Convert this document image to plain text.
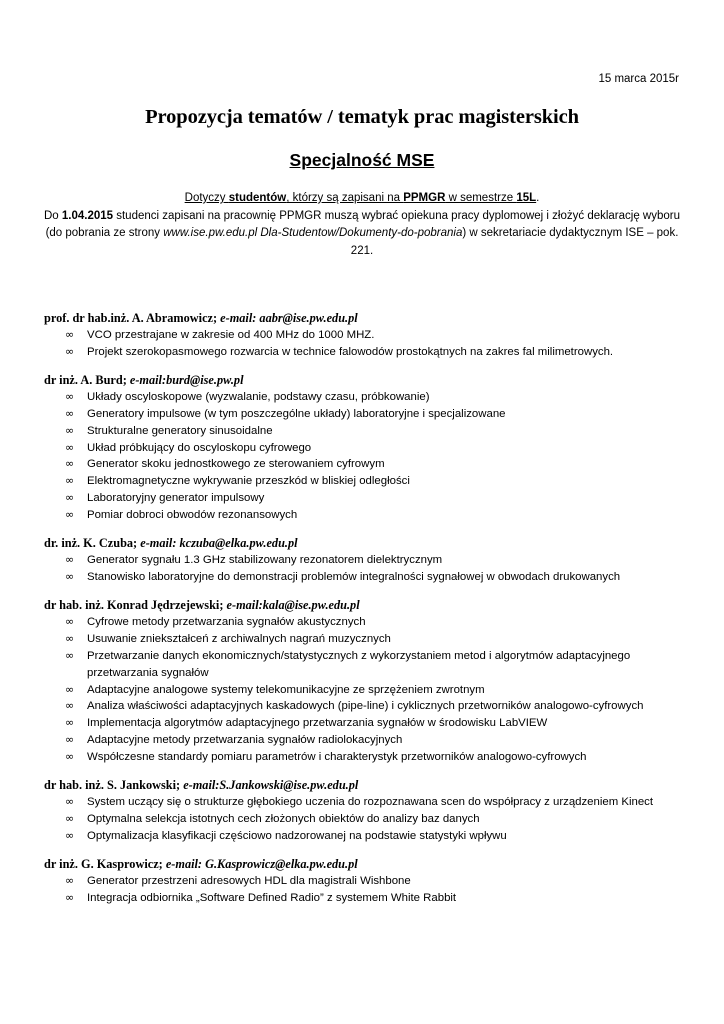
15 marca 2015r
Propozycja tematów / tematyk prac magisterskich
Specjalność MSE
Dotyczy studentów, którzy są zapisani na PPMGR w semestrze 15L.
Do 1.04.2015 studenci zapisani na pracownię PPMGR muszą wybrać opiekuna pracy dyplomowej i złożyć deklarację wyboru (do pobrania ze strony www.ise.pw.edu.pl Dla-Studentow/Dokumenty-do-pobrania) w sekretariacie dydaktycznym ISE – pok. 221.
prof. dr hab.inż. A. Abramowicz; e-mail: aabr@ise.pw.edu.pl
∞ VCO przestrajane w zakresie od 400 MHz do 1000 MHZ.
∞ Projekt szerokopasmowego rozwarcia w technice falowodów prostokątnych na zakres fal milimetrowych.
dr inż. A. Burd; e-mail:burd@ise.pw.pl
∞ Układy oscyloskopowe (wyzwalanie, podstawy czasu, próbkowanie)
∞ Generatory impulsowe (w tym poszczególne układy) laboratoryjne i specjalizowane
∞ Strukturalne generatory sinusoidalne
∞ Układ próbkujący do oscyloskopu cyfrowego
∞ Generator skoku jednostkowego ze sterowaniem cyfrowym
∞ Elektromagnetyczne wykrywanie przeszkód w bliskiej odległości
∞ Laboratoryjny generator impulsowy
∞ Pomiar dobroci obwodów rezonansowych
dr. inż. K. Czuba; e-mail: kczuba@elka.pw.edu.pl
∞ Generator sygnału 1.3 GHz stabilizowany rezonatorem dielektrycznym
∞ Stanowisko laboratoryjne do demonstracji problemów integralności sygnałowej w obwodach drukowanych
dr hab. inż. Konrad Jędrzejewski; e-mail:kala@ise.pw.edu.pl
∞ Cyfrowe metody przetwarzania sygnałów akustycznych
∞ Usuwanie zniekształceń z archiwalnych nagrań muzycznych
∞ Przetwarzanie danych ekonomicznych/statystycznych z wykorzystaniem metod i algorytmów adaptacyjnego przetwarzania sygnałów
∞ Adaptacyjne analogowe systemy telekomunikacyjne ze sprzężeniem zwrotnym
∞ Analiza właściwości adaptacyjnych kaskadowych (pipe-line) i cyklicznych przetworników analogowo-cyfrowych
∞ Implementacja algorytmów adaptacyjnego przetwarzania sygnałów w środowisku LabVIEW
∞ Adaptacyjne metody przetwarzania sygnałów radiolokacyjnych
∞ Współczesne standardy pomiaru parametrów i charakterystyk przetworników analogowo-cyfrowych
dr hab. inż. S. Jankowski; e-mail:S.Jankowski@ise.pw.edu.pl
∞ System uczący się o strukturze głębokiego uczenia do rozpoznawana scen do współpracy z urządzeniem Kinect
∞ Optymalna selekcja istotnych cech złożonych obiektów do analizy baz danych
∞ Optymalizacja klasyfikacji częściowo nadzorowanej na podstawie statystyki wpływu
dr inż. G. Kasprowicz; e-mail: G.Kasprowicz@elka.pw.edu.pl
∞ Generator przestrzeni adresowych HDL dla magistrali Wishbone
∞ Integracja odbiornika „Software Defined Radio” z systemem White Rabbit
